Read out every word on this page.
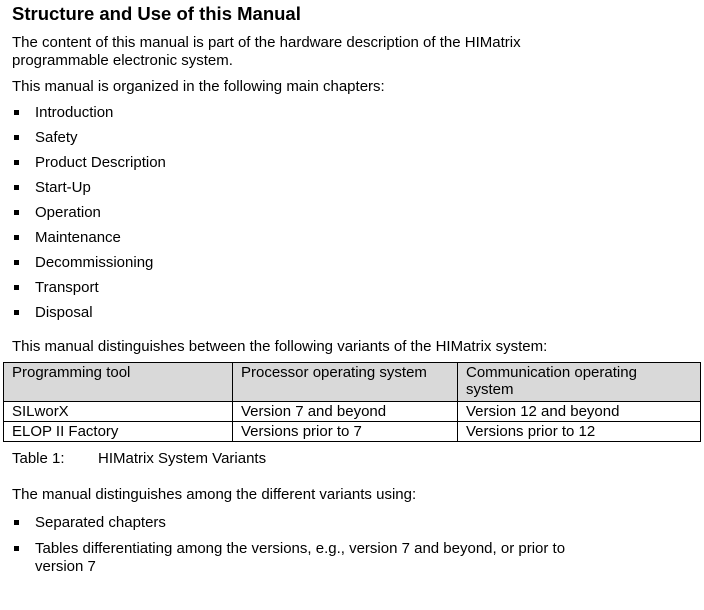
Structure and Use of this Manual

The content of this manual is part of the hardware description of the HIMatrix
programmable electronic system.

This manual is organized in the following main chapters:

Introduction
Safety
Product Description
Start-Up
Operation
Maintenance
Decommissioning
Transport
Disposal

This manual distinguishes between the following variants of the HIMatrix system:

Programming tool	Processor operating system	Communication operating
system
SILworX	Version 7 and beyond	Version 12 and beyond
ELOP II Factory	Versions prior to 7	Versions prior to 12

Table 1: HIMatrix System Variants

The manual distinguishes among the different variants using:

Separated chapters
Tables differentiating among the versions, e.g., version 7 and beyond, or prior to
version 7
